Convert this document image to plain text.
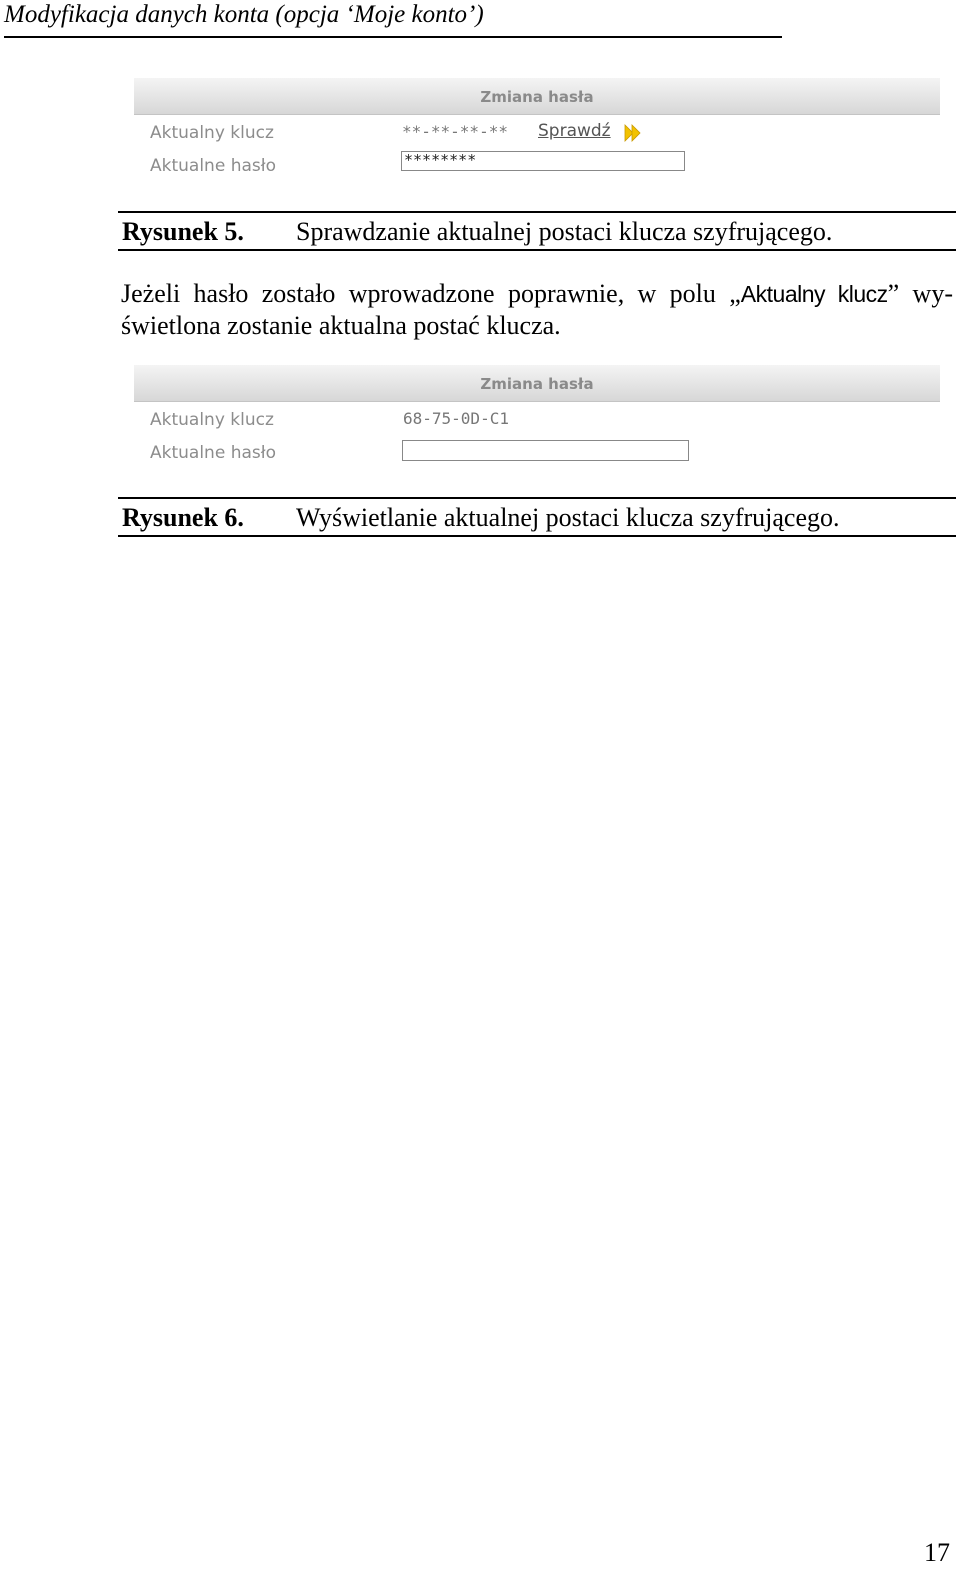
Modyfikacja danych konta (opcja ‘Moje konto’)
Zmiana hasła
Aktualny klucz	**-**-**-** Sprawdź
Aktualne hasło	********
Rysunek 5. Sprawdzanie aktualnej postaci klucza szyfrującego.
Jeżeli hasło zostało wprowadzone poprawnie, w polu „Aktualny klucz” wy-
świetlona zostanie aktualna postać klucza.
Zmiana hasła
Aktualny klucz	68-75-0D-C1
Aktualne hasło
Rysunek 6. Wyświetlanie aktualnej postaci klucza szyfrującego.
17
